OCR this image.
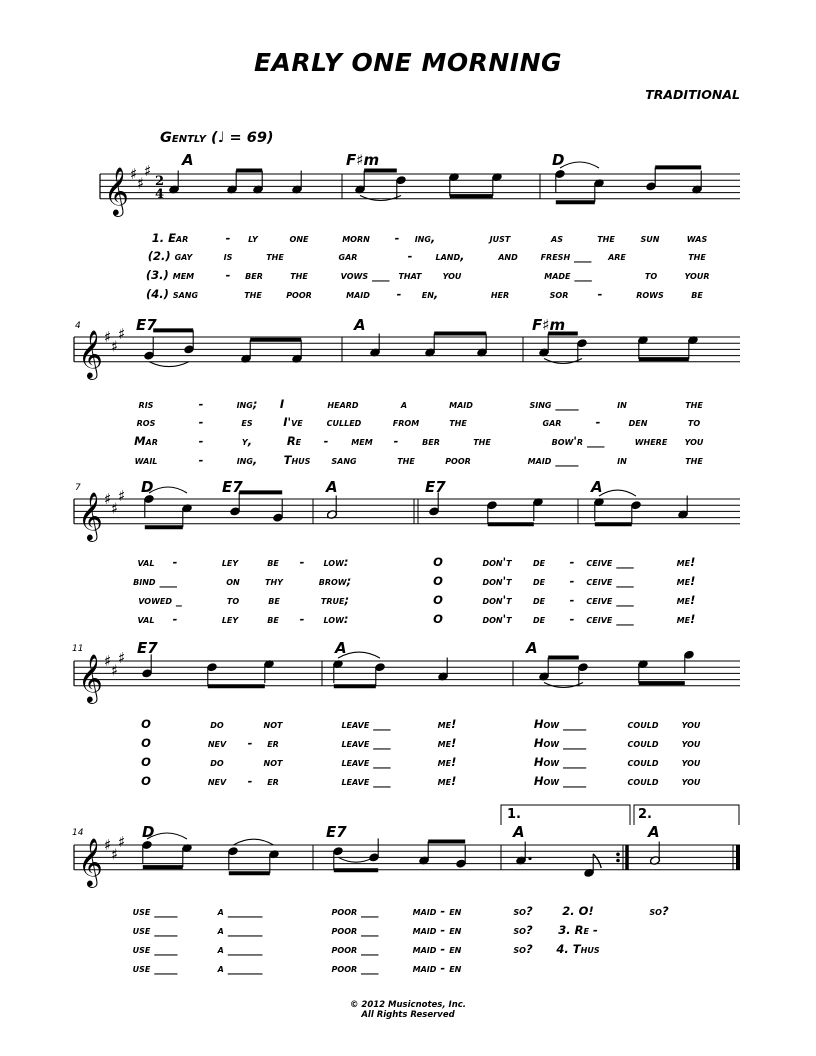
EARLY ONE MORNING
TRADITIONAL
Gently (♩ = 69)
𝄞 ♯
♯
♯
2
4
𝄞 ♯
♯
♯
𝄞 ♯
♯
♯
𝄞 ♯
♯
♯
𝄞 ♯
♯
♯
A	F♯m	D
4	E7	A	F♯m
7	D	E7	A	E7	A
11	E7	A	A
14	D	E7	A	A
1.	2.
1. Ear	-	ly	one	morn	-	ing,	just	as	the	sun	was
(2.) gay	is	the	gar	-	land,	and	fresh ___	are	the
(3.) mem	-	ber	the	vows ___ that	you	made ___	to	your
(4.) sang	the	poor	maid	-	en,	her	sor	-	rows	be
ris	-	ing;	I	heard	a	maid	sing ____	in	the
ros	-	es	I've	culled	from	the	gar	-	den	to
Mar	-	y,	Re	-	mem	-	ber	the	bow'r ___	where	you
wail	-	ing,	Thus	sang	the	poor	maid ____	in	the
val	-	ley	be	-	low:	O	don't	de	-	ceive ___	me!
bind ___	on	thy	brow;	O	don't	de	-	ceive ___	me!
vowed _	to	be	true;	O	don't	de	-	ceive ___	me!
val	-	ley	be	-	low:	O	don't	de	-	ceive ___	me!
O	do	not	leave ___	me!	How ____	could	you
O	nev	-	er	leave ___	me!	How ____	could	you
O	do	not	leave ___	me!	How ____	could	you
O	nev	-	er	leave ___	me!	How ____	could	you
use ____	a ______	poor ___	maid - en	so?	2. O!	so?
use ____	a ______	poor ___	maid - en	so?	3. Re -
use ____	a ______	poor ___	maid - en	so?	4. Thus
use ____	a ______	poor ___	maid - en
© 2012 Musicnotes, Inc.
All Rights Reserved
